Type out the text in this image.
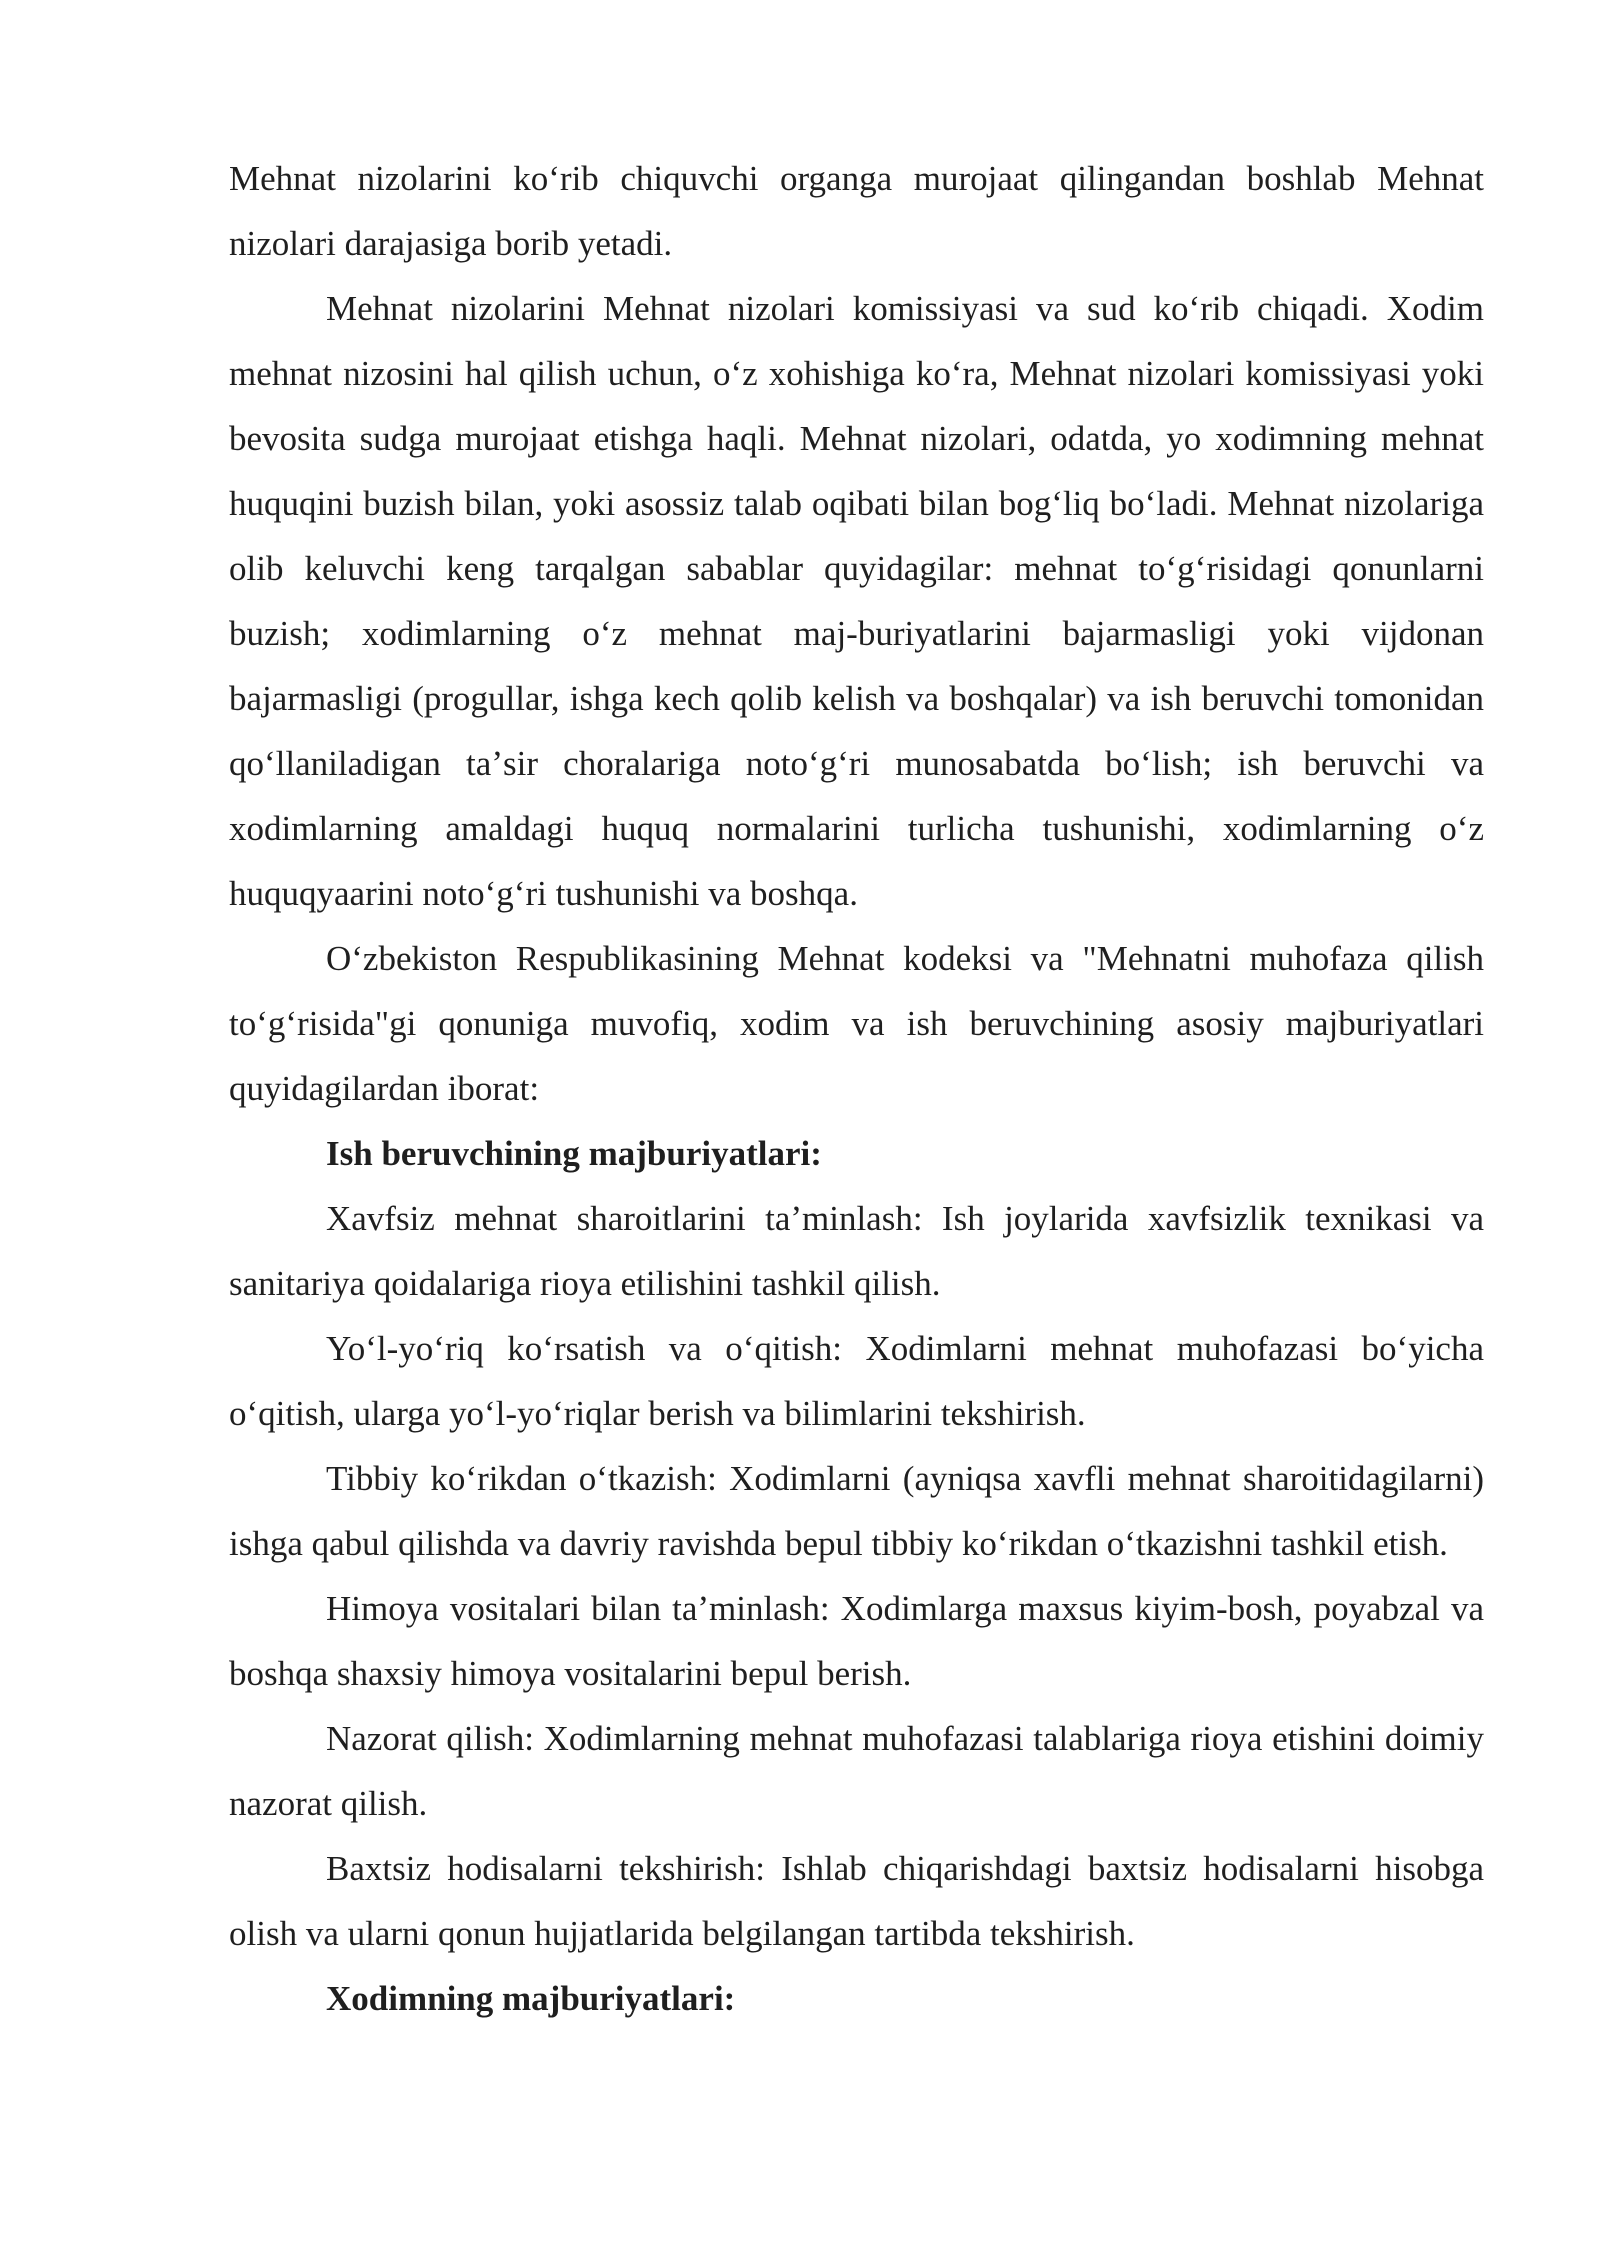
Mehnat nizolarini koʻrib chiquvchi organga murojaat qilingandan boshlab Mehnat nizolari darajasiga borib yetadi.

Mehnat nizolarini Mehnat nizolari komissiyasi va sud koʻrib chiqadi. Xodim mehnat nizosini hal qilish uchun, oʻz xohishiga koʻra, Mehnat nizolari komissiyasi yoki bevosita sudga murojaat etishga haqli. Mehnat nizolari, odatda, yo xodimning mehnat huquqini buzish bilan, yoki asossiz talab oqibati bilan bogʻliq boʻladi. Mehnat nizolariga olib keluvchi keng tarqalgan sabablar quyidagilar: mehnat toʻgʻrisidagi qonunlarni buzish; xodimlarning oʻz mehnat maj-buriyatlarini bajarmasligi yoki vijdonan bajarmasligi (progullar, ishga kech qolib kelish va boshqalar) va ish beruvchi tomonidan qoʻllaniladigan taʼsir choralariga notoʻgʻri munosabatda boʻlish; ish beruvchi va xodimlarning amaldagi huquq normalarini turlicha tushunishi, xodimlarning oʻz huquqyaarini notoʻgʻri tushunishi va boshqa.

Oʻzbekiston Respublikasining Mehnat kodeksi va "Mehnatni muhofaza qilish toʻgʻrisida"gi qonuniga muvofiq, xodim va ish beruvchining asosiy majburiyatlari quyidagilardan iborat:

Ish beruvchining majburiyatlari:

Xavfsiz mehnat sharoitlarini taʼminlash: Ish joylarida xavfsizlik texnikasi va sanitariya qoidalariga rioya etilishini tashkil qilish.

Yoʻl-yoʻriq koʻrsatish va oʻqitish: Xodimlarni mehnat muhofazasi boʻyicha oʻqitish, ularga yoʻl-yoʻriqlar berish va bilimlarini tekshirish.

Tibbiy koʻrikdan oʻtkazish: Xodimlarni (ayniqsa xavfli mehnat sharoitidagilarni) ishga qabul qilishda va davriy ravishda bepul tibbiy koʻrikdan oʻtkazishni tashkil etish.

Himoya vositalari bilan taʼminlash: Xodimlarga maxsus kiyim-bosh, poyabzal va boshqa shaxsiy himoya vositalarini bepul berish.

Nazorat qilish: Xodimlarning mehnat muhofazasi talablariga rioya etishini doimiy nazorat qilish.

Baxtsiz hodisalarni tekshirish: Ishlab chiqarishdagi baxtsiz hodisalarni hisobga olish va ularni qonun hujjatlarida belgilangan tartibda tekshirish.

Xodimning majburiyatlari:
